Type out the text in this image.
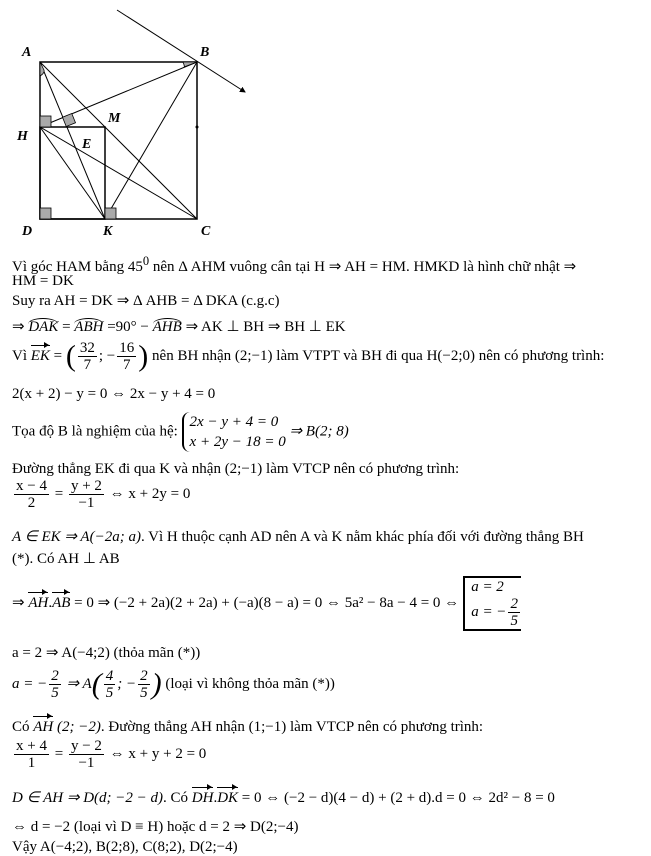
A	B
C
D
H
M
E
K
Vì góc HAM bằng $45^0$ nên Δ AHM vuông cân tại H ⇒ AH = HM. HMKD là hình chữ nhật ⇒
HM = DK
Suy ra AH = DK ⇒ Δ AHB = Δ DKA (c.g.c)
⇒ DAK = ABH =90° − AHB ⇒ AK ⊥ BH ⇒ BH ⊥ EK
Vì EK = ( $\frac{32}{7}$ ; − $\frac{16}{7}$ ) nên BH nhận (2;−1) làm VTPT và BH đi qua H(−2;0) nên có phương trình:
2(x + 2) − y = 0 ⇔ 2x − y + 4 = 0
Tọa độ B là nghiệm của hệ:
2x − y + 4 = 0
x + 2y − 18 = 0
⇒ B(2; 8)
Đường thẳng EK đi qua K và nhận (2;−1) làm VTCP nên có phương trình:
$\frac{x - 4}{2} = \frac{y + 2}{-1}$ ⇔ x + 2y = 0
A ∈ EK ⇒ A(−2a; a). Vì H thuộc cạnh AD nên A và K nằm khác phía đối với đường thẳng BH
(*). Có AH ⊥ AB
⇒ AH.AB = 0 ⇒ (−2 + 2a)(2 + 2a) + (−a)(8 − a) = 0 ⇔ 5a² − 8a − 4 = 0 ⇔
a = 2
a = − $\frac{2}{5}$
a = 2 ⇒ A(−4;2) (thỏa mãn (*))
a = − $\frac{2}{5}$ ⇒ $A( \frac{4}{5}$ ; − $\frac{2}{5}$ ) (loại vì không thỏa mãn (*))
Có AH (2; −2). Đường thẳng AH nhận (1;−1) làm VTCP nên có phương trình:
$\frac{x + 4}{1} = \frac{y - 2}{-1}$ ⇔ x + y + 2 = 0
D ∈ AH ⇒ D(d; −2 − d). Có DH.DK = 0 ⇔ (−2 − d)(4 − d) + (2 + d).d = 0 ⇔ 2d² − 8 = 0
⇔ d = −2 (loại vì D ≡ H) hoặc d = 2 ⇒ D(2;−4)
Vậy A(−4;2), B(2;8), C(8;2), D(2;−4)
